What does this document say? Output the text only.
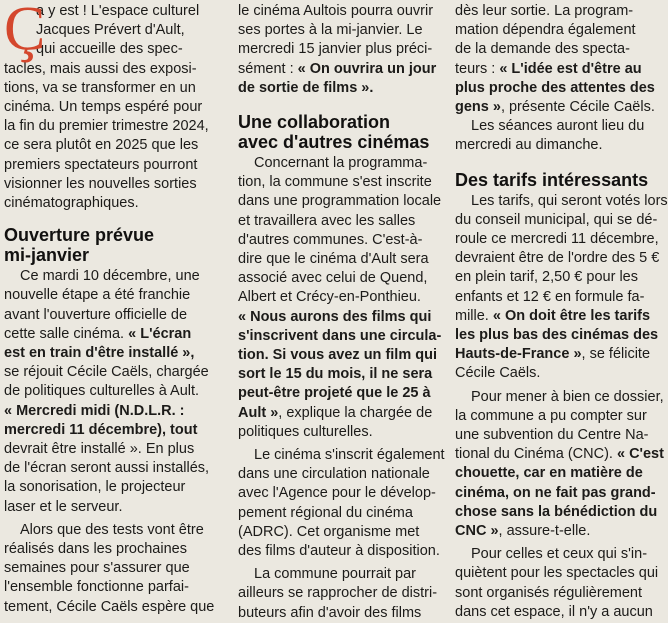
Ç
a y est ! L'espace culturel
Jacques Prévert d'Ault,
qui accueille des spec-
tacles, mais aussi des exposi-
tions, va se transformer en un
cinéma. Un temps espéré pour
la fin du premier trimestre 2024,
ce sera plutôt en 2025 que les
premiers spectateurs pourront
visionner les nouvelles sorties
cinématographiques.
Ouverture prévue
mi-janvier
Ce mardi 10 décembre, une
nouvelle étape a été franchie
avant l'ouverture officielle de
cette salle cinéma. « L'écran
est en train d'être installé »,
se réjouit Cécile Caëls, chargée
de politiques culturelles à Ault.
« Mercredi midi (N.D.L.R. :
mercredi 11 décembre), tout
devrait être installé ». En plus
de l'écran seront aussi installés,
la sonorisation, le projecteur
laser et le serveur.
Alors que des tests vont être
réalisés dans les prochaines
semaines pour s'assurer que
l'ensemble fonctionne parfai-
tement, Cécile Caëls espère que
le cinéma Aultois pourra ouvrir
ses portes à la mi-janvier. Le
mercredi 15 janvier plus préci-
sément : « On ouvrira un jour
de sortie de films ».
Une collaboration
avec d'autres cinémas
Concernant la programma-
tion, la commune s'est inscrite
dans une programmation locale
et travaillera avec les salles
d'autres communes. C'est-à-
dire que le cinéma d'Ault sera
associé avec celui de Quend,
Albert et Crécy-en-Ponthieu.
« Nous aurons des films qui
s'inscrivent dans une circula-
tion. Si vous avez un film qui
sort le 15 du mois, il ne sera
peut-être projeté que le 25 à
Ault », explique la chargée de
politiques culturelles.
Le cinéma s'inscrit également
dans une circulation nationale
avec l'Agence pour le dévelop-
pement régional du cinéma
(ADRC). Cet organisme met
des films d'auteur à disposition.
La commune pourrait par
ailleurs se rapprocher de distri-
buteurs afin d'avoir des films
dès leur sortie. La program-
mation dépendra également
de la demande des specta-
teurs : « L'idée est d'être au
plus proche des attentes des
gens », présente Cécile Caëls.
Les séances auront lieu du
mercredi au dimanche.
Des tarifs intéressants
Les tarifs, qui seront votés lors
du conseil municipal, qui se dé-
roule ce mercredi 11 décembre,
devraient être de l'ordre des 5 €
en plein tarif, 2,50 € pour les
enfants et 12 € en formule fa-
mille. « On doit être les tarifs
les plus bas des cinémas des
Hauts-de-France », se félicite
Cécile Caëls.
Pour mener à bien ce dossier,
la commune a pu compter sur
une subvention du Centre Na-
tional du Cinéma (CNC). « C'est
chouette, car en matière de
cinéma, on ne fait pas grand-
chose sans la bénédiction du
CNC », assure-t-elle.
Pour celles et ceux qui s'in-
quiètent pour les spectacles qui
sont organisés régulièrement
dans cet espace, il n'y a aucun
